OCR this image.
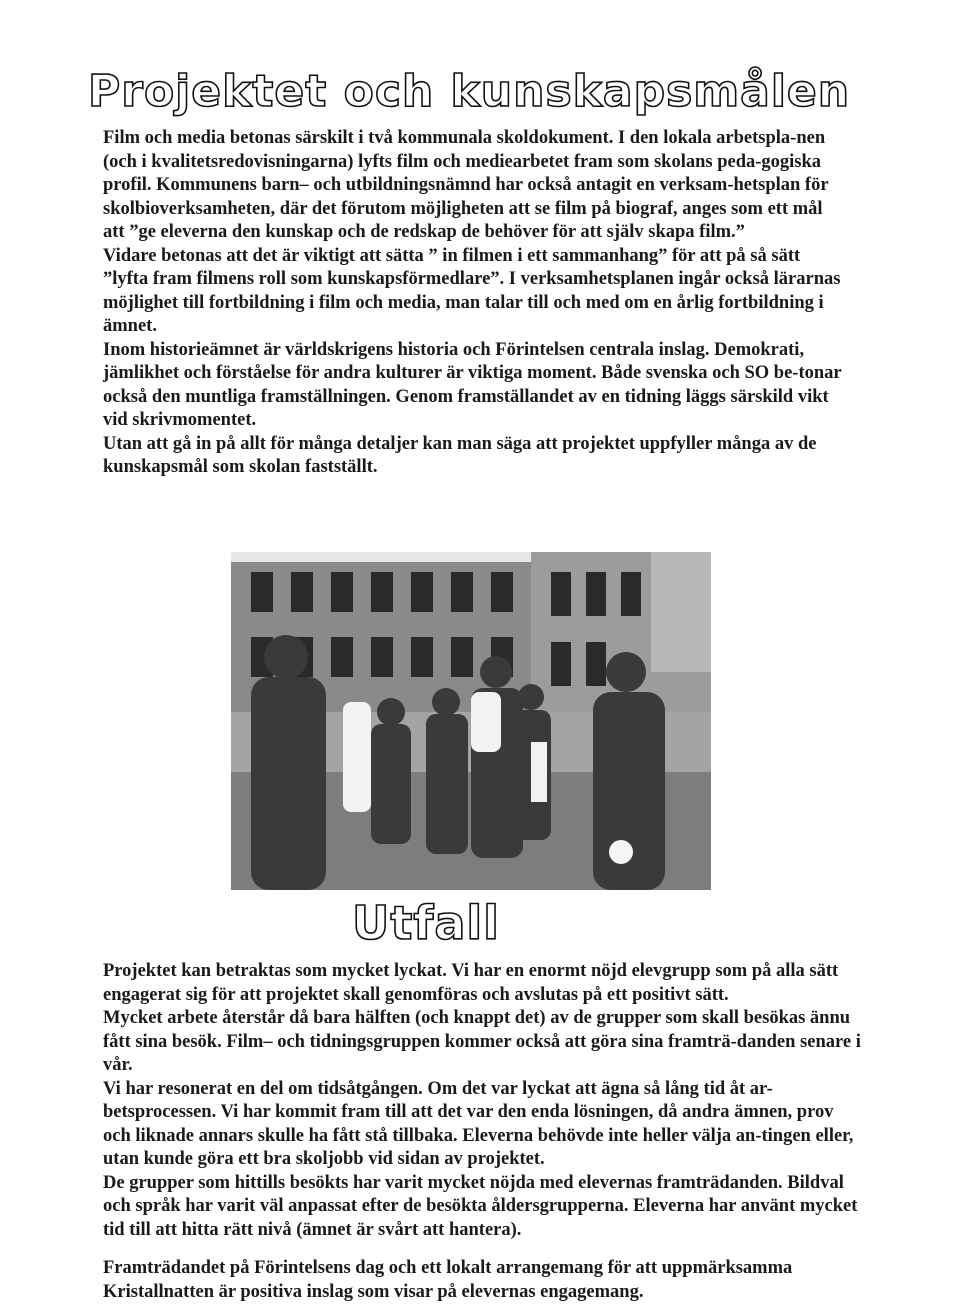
Projektet och kunskapsmålen

Film och media betonas särskilt i två kommunala skoldokument. I den lokala arbetspla-nen (och i kvalitetsredovisningarna) lyfts film och mediearbetet fram som skolans peda-gogiska profil. Kommunens barn– och utbildningsnämnd har också antagit en verksam-hetsplan för skolbioverksamheten, där det förutom möjligheten att se film på biograf, anges som ett mål att ”ge eleverna den kunskap och de redskap de behöver för att själv skapa film.”

Vidare betonas att det är viktigt att sätta ” in filmen i ett sammanhang” för att på så sätt ”lyfta fram filmens roll som kunskapsförmedlare”. I verksamhetsplanen ingår också lärarnas möjlighet till fortbildning i film och media, man talar till och med om en årlig fortbildning i ämnet.

Inom historieämnet är världskrigens historia och Förintelsen centrala inslag. Demokrati, jämlikhet och förståelse för andra kulturer är viktiga moment. Både svenska och SO be-tonar också den muntliga framställningen. Genom framställandet av en tidning läggs särskild vikt vid skrivmomentet.

Utan att gå in på allt för många detaljer kan man säga att projektet uppfyller många av de kunskapsmål som skolan fastställt.

Utfall

Projektet kan betraktas som mycket lyckat. Vi har en enormt nöjd elevgrupp som på alla sätt engagerat sig för att projektet skall genomföras och avslutas på ett positivt sätt.

Mycket arbete återstår då bara hälften (och knappt det) av de grupper som skall besökas ännu fått sina besök. Film– och tidningsgruppen kommer också att göra sina framträ-danden senare i vår.

Vi har resonerat en del om tidsåtgången. Om det var lyckat att ägna så lång tid åt ar-betsprocessen. Vi har kommit fram till att det var den enda lösningen, då andra ämnen, prov och liknade annars skulle ha fått stå tillbaka. Eleverna behövde inte heller välja an-tingen eller, utan kunde göra ett bra skoljobb vid sidan av projektet.

De grupper som hittills besökts har varit mycket nöjda med elevernas framträdanden. Bildval och språk har varit väl anpassat efter de besökta åldersgrupperna. Eleverna har använt mycket tid till att hitta rätt nivå (ämnet är svårt att hantera).

Framträdandet på Förintelsens dag och ett lokalt arrangemang för att uppmärksamma Kristallnatten är positiva inslag som visar på elevernas engagemang.
